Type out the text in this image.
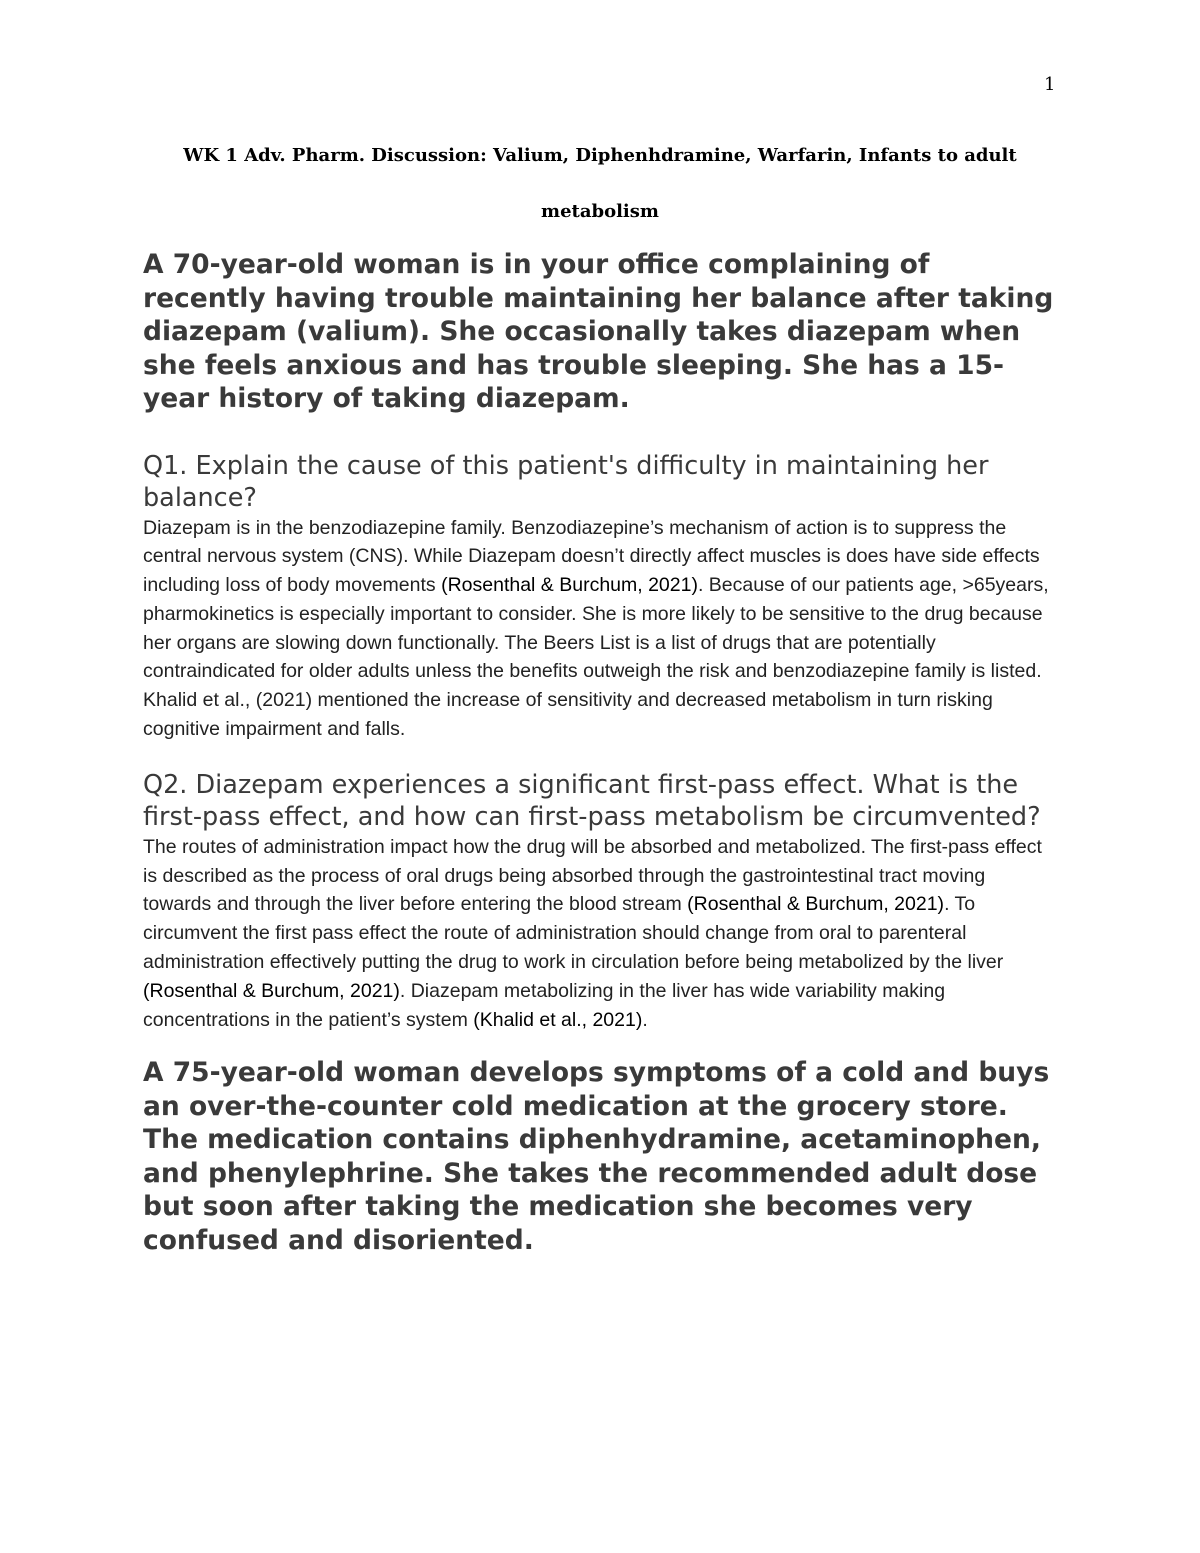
1
WK 1 Adv. Pharm. Discussion: Valium, Diphenhdramine, Warfarin, Infants to adult
metabolism

A 70-year-old woman is in your office complaining of recently having trouble maintaining her balance after taking diazepam (valium). She occasionally takes diazepam when she feels anxious and has trouble sleeping. She has a 15-year history of taking diazepam.

Q1. Explain the cause of this patient's difficulty in maintaining her balance?

Diazepam is in the benzodiazepine family. Benzodiazepine’s mechanism of action is to suppress the central nervous system (CNS). While Diazepam doesn’t directly affect muscles is does have side effects including loss of body movements (Rosenthal & Burchum, 2021). Because of our patients age, >65years, pharmokinetics is especially important to consider. She is more likely to be sensitive to the drug because her organs are slowing down functionally. The Beers List is a list of drugs that are potentially contraindicated for older adults unless the benefits outweigh the risk and benzodiazepine family is listed. Khalid et al., (2021) mentioned the increase of sensitivity and decreased metabolism in turn risking cognitive impairment and falls.

Q2. Diazepam experiences a significant first-pass effect. What is the first-pass effect, and how can first-pass metabolism be circumvented?

The routes of administration impact how the drug will be absorbed and metabolized. The first-pass effect is described as the process of oral drugs being absorbed through the gastrointestinal tract moving towards and through the liver before entering the blood stream (Rosenthal & Burchum, 2021). To circumvent the first pass effect the route of administration should change from oral to parenteral administration effectively putting the drug to work in circulation before being metabolized by the liver (Rosenthal & Burchum, 2021). Diazepam metabolizing in the liver has wide variability making concentrations in the patient’s system (Khalid et al., 2021).

A 75-year-old woman develops symptoms of a cold and buys an over-the-counter cold medication at the grocery store. The medication contains diphenhydramine, acetaminophen, and phenylephrine. She takes the recommended adult dose but soon after taking the medication she becomes very confused and disoriented.
